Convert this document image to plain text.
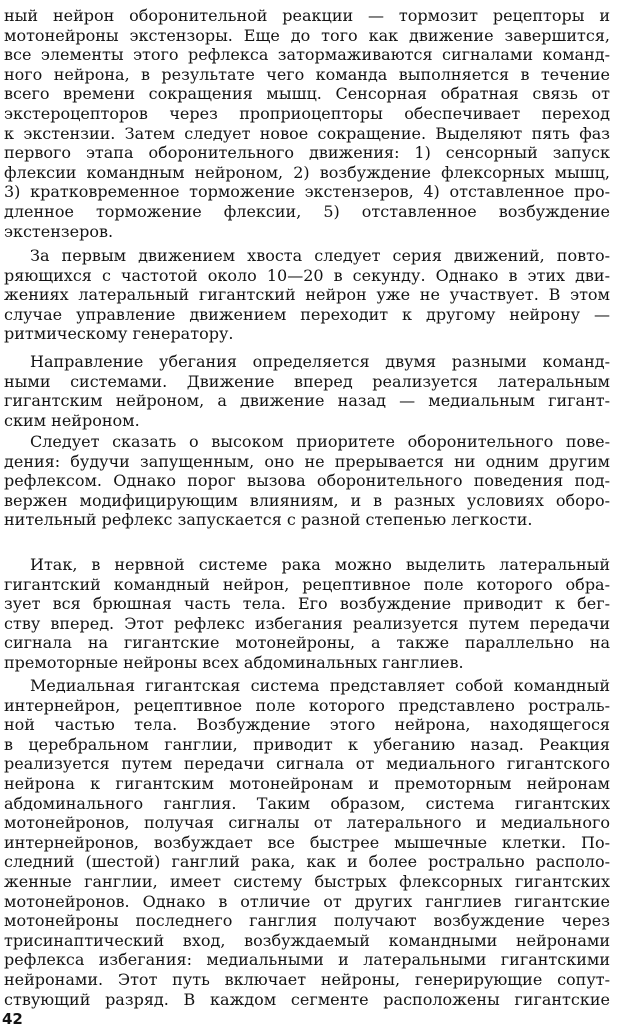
ный нейрон оборонительной реакции — тормозит рецепторы и
мотонейроны экстензоры. Еще до того как движение завершится,
все элементы этого рефлекса затормаживаются сигналами команд-
ного нейрона, в результате чего команда выполняется в течение
всего времени сокращения мышц. Сенсорная обратная связь от
экстероцепторов через проприоцепторы обеспечивает переход
к экстензии. Затем следует новое сокращение. Выделяют пять фаз
первого этапа оборонительного движения: 1) сенсорный запуск
флексии командным нейроном, 2) возбуждение флексорных мышц,
3) кратковременное торможение экстензеров, 4) отставленное про-
дленное торможение флексии, 5) отставленное возбуждение
экстензеров.
За первым движением хвоста следует серия движений, повто-
ряющихся с частотой около 10—20 в секунду. Однако в этих дви-
жениях латеральный гигантский нейрон уже не участвует. В этом
случае управление движением переходит к другому нейрону —
ритмическому генератору.
Направление убегания определяется двумя разными команд-
ными системами. Движение вперед реализуется латеральным
гигантским нейроном, а движение назад — медиальным гигант-
ским нейроном.
Следует сказать о высоком приоритете оборонительного пове-
дения: будучи запущенным, оно не прерывается ни одним другим
рефлексом. Однако порог вызова оборонительного поведения под-
вержен модифицирующим влияниям, и в разных условиях оборо-
нительный рефлекс запускается с разной степенью легкости.
Итак, в нервной системе рака можно выделить латеральный
гигантский командный нейрон, рецептивное поле которого обра-
зует вся брюшная часть тела. Его возбуждение приводит к бег-
ству вперед. Этот рефлекс избегания реализуется путем передачи
сигнала на гигантские мотонейроны, а также параллельно на
премоторные нейроны всех абдоминальных ганглиев.
Медиальная гигантская система представляет собой командный
интернейрон, рецептивное поле которого представлено ростраль-
ной частью тела. Возбуждение этого нейрона, находящегося
в церебральном ганглии, приводит к убеганию назад. Реакция
реализуется путем передачи сигнала от медиального гигантского
нейрона к гигантским мотонейронам и премоторным нейронам
абдоминального ганглия. Таким образом, система гигантских
мотонейронов, получая сигналы от латерального и медиального
интернейронов, возбуждает все быстрее мышечные клетки. По-
следний (шестой) ганглий рака, как и более рострально располо-
женные ганглии, имеет систему быстрых флексорных гигантских
мотонейронов. Однако в отличие от других ганглиев гигантские
мотонейроны последнего ганглия получают возбуждение через
трисинаптический вход, возбуждаемый командными нейронами
рефлекса избегания: медиальными и латеральными гигантскими
нейронами. Этот путь включает нейроны, генерирующие сопут-
ствующий разряд. В каждом сегменте расположены гигантские
42
